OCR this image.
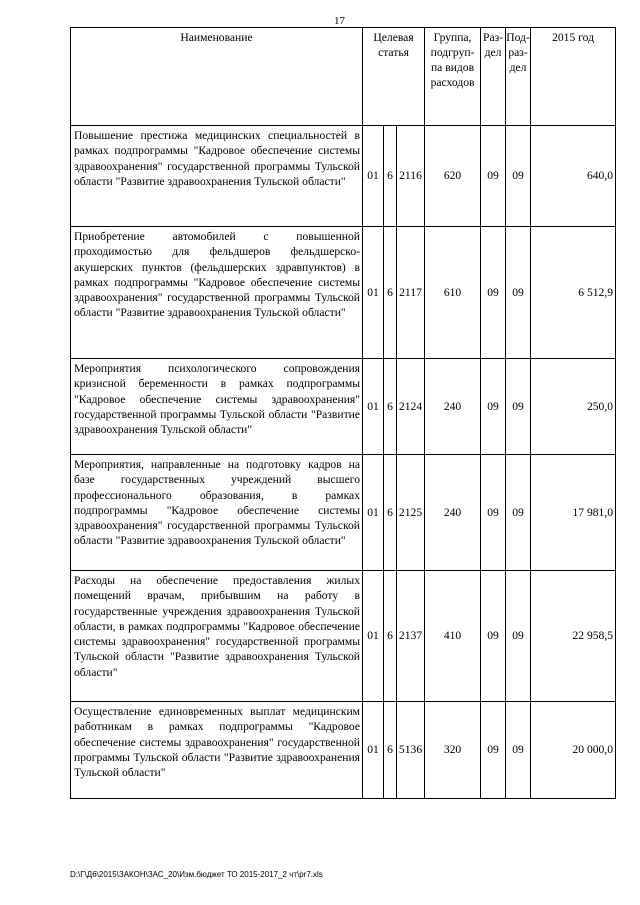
17
Наименование	Целевая статья			Группа, подгруп-па видов расходов	Раз-дел	Под-раз-дел	2015 год
Повышение престижа медицинских специальностей в рамках подпрограммы "Кадровое обеспечение системы здравоохранения" государственной программы Тульской области "Развитие здравоохранения Тульской области"	01	6	2116	620	09	09	640,0
Приобретение автомобилей с повышенной проходимостью для фельдшеров фельдшерско-акушерских пунктов (фельдшерских здравпунктов) в рамках подпрограммы "Кадровое обеспечение системы здравоохранения" государственной программы Тульской области "Развитие здравоохранения Тульской области"	01	6	2117	610	09	09	6 512,9
Мероприятия психологического сопровождения кризисной беременности в рамках подпрограммы "Кадровое обеспечение системы здравоохранения" государственной программы Тульской области "Развитие здравоохранения Тульской области"	01	6	2124	240	09	09	250,0
Мероприятия, направленные на подготовку кадров на базе государственных учреждений высшего профессионального образования, в рамках подпрограммы "Кадровое обеспечение системы здравоохранения" государственной программы Тульской области "Развитие здравоохранения Тульской области"	01	6	2125	240	09	09	17 981,0
Расходы на обеспечение предоставления жилых помещений врачам, прибывшим на работу в государственные учреждения здравоохранения Тульской области, в рамках подпрограммы "Кадровое обеспечение системы здравоохранения" государственной программы Тульской области "Развитие здравоохранения Тульской области"	01	6	2137	410	09	09	22 958,5
Осуществление единовременных выплат медицинским работникам в рамках подпрограммы "Кадровое обеспечение системы здравоохранения" государственной программы Тульской области "Развитие здравоохранения Тульской области"	01	6	5136	320	09	09	20 000,0
D:\Г\Д6\2015\ЗАКОН\ЗАС_20\Изм.бюджет ТО 2015-2017_2 чт\pr7.xls
